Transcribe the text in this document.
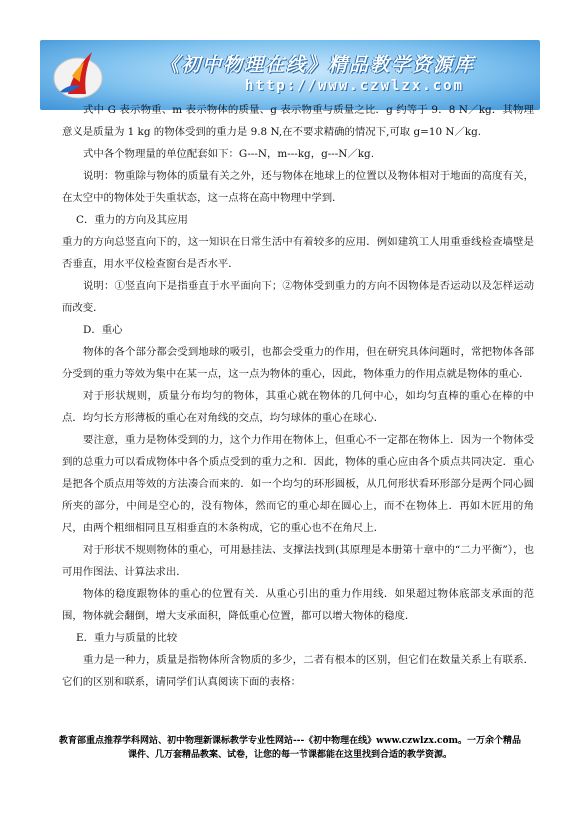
《初中物理在线》精品教学资源库
http://www.czwlzx.com

式中 G 表示物重、m 表示物体的质量、g 表示物重与质量之比．g 约等于 9．8 N／kg．其物理意义是质量为 1 kg 的物体受到的重力是 9.8 N,在不要求精确的情况下,可取 g=10 N／kg.

式中各个物理量的单位配套如下：G---N，m---kg，g---N／kg.

说明：物重除与物体的质量有关之外，还与物体在地球上的位置以及物体相对于地面的高度有关，在太空中的物体处于失重状态，这一点将在高中物理中学到．

C．重力的方向及其应用

重力的方向总竖直向下的，这一知识在日常生活中有着较多的应用．例如建筑工人用重垂线检查墙壁是否垂直，用水平仪检查窗台是否水平．

说明：①竖直向下是指垂直于水平面向下；②物体受到重力的方向不因物体是否运动以及怎样运动而改变．

D．重心

物体的各个部分都会受到地球的吸引，也都会受重力的作用，但在研究具体问题时，常把物体各部分受到的重力等效为集中在某一点，这一点为物体的重心，因此，物体重力的作用点就是物体的重心．

对于形状规则，质量分布均匀的物体，其重心就在物体的几何中心，如均匀直棒的重心在棒的中点．均匀长方形薄板的重心在对角线的交点，均匀球体的重心在球心．

要注意，重力是物体受到的力，这个力作用在物体上，但重心不一定都在物体上．因为一个物体受到的总重力可以看成物体中各个质点受到的重力之和．因此，物体的重心应由各个质点共同决定．重心是把各个质点用等效的方法凑合而来的．如一个均匀的环形圆板，从几何形状看环形部分是两个同心圆所夹的部分，中间是空心的，没有物体，然而它的重心却在圆心上，而不在物体上．再如木匠用的角尺，由两个粗细相同且互相垂直的木条构成，它的重心也不在角尺上．

对于形状不规则物体的重心，可用悬挂法、支撑法找到(其原理是本册第十章中的“二力平衡”），也可用作图法、计算法求出．

物体的稳度跟物体的重心的位置有关．从重心引出的重力作用线．如果超过物体底部支承面的范围，物体就会翻倒，增大支承面积，降低重心位置，都可以增大物体的稳度．

E．重力与质量的比较

重力是一种力，质量是指物体所含物质的多少，二者有根本的区别，但它们在数量关系上有联系．它们的区别和联系，请同学们认真阅读下面的表格：

教育部重点推荐学科网站、初中物理新课标教学专业性网站---《初中物理在线》www.czwlzx.com。一万余个精品
课件、几万套精品教案、试卷，让您的每一节课都能在这里找到合适的教学资源。
